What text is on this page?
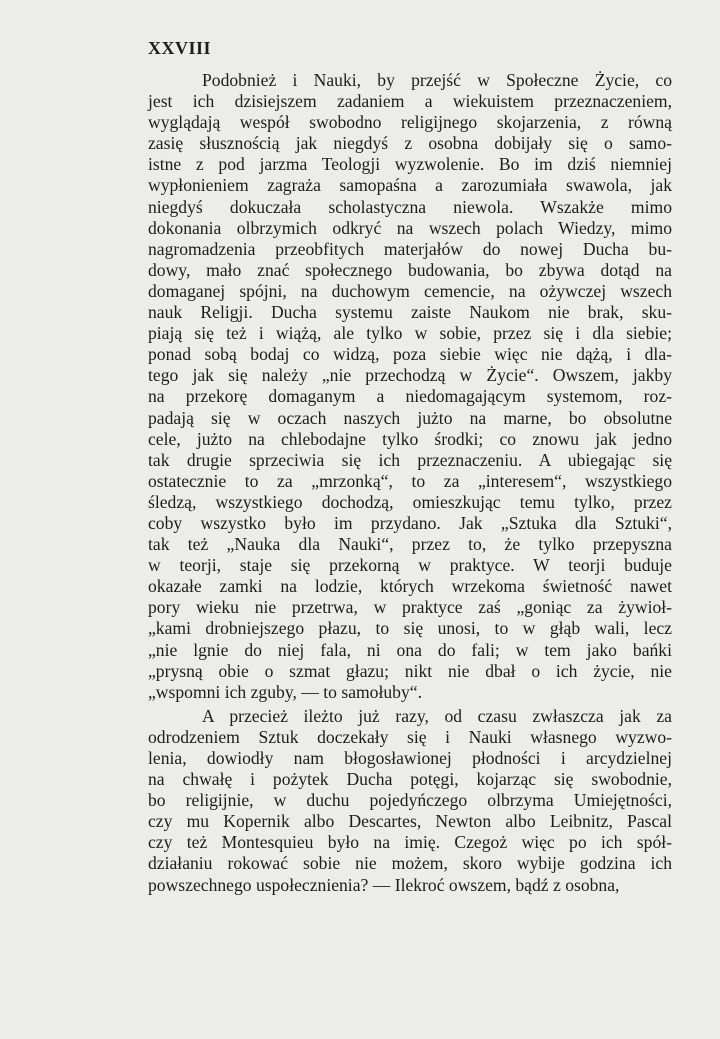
XXVIII
Podobnież i Nauki, by przejść w Społeczne Życie, co
jest ich dzisiejszem zadaniem a wiekuistem przeznaczeniem,
wyglądają wespół swobodno religijnego skojarzenia, z równą
zasię słusznością jak niegdyś z osobna dobijały się o samo-
istne z pod jarzma Teologji wyzwolenie. Bo im dziś niemniej
wypłonieniem zagraża samopaśna a zarozumiała swawola, jak
niegdyś dokuczała scholastyczna niewola. Wszakże mimo
dokonania olbrzymich odkryć na wszech polach Wiedzy, mimo
nagromadzenia przeobfitych materjałów do nowej Ducha bu-
dowy, mało znać społecznego budowania, bo zbywa dotąd na
domaganej spójni, na duchowym cemencie, na ożywczej wszech
nauk Religji. Ducha systemu zaiste Naukom nie brak, sku-
piają się też i wiążą, ale tylko w sobie, przez się i dla siebie;
ponad sobą bodaj co widzą, poza siebie więc nie dążą, i dla-
tego jak się należy „nie przechodzą w Życie“. Owszem, jakby
na przekorę domaganym a niedomagającym systemom, roz-
padają się w oczach naszych jużto na marne, bo obsolutne
cele, jużto na chlebodajne tylko środki; co znowu jak jedno
tak drugie sprzeciwia się ich przeznaczeniu. A ubiegając się
ostatecznie to za „mrzonką“, to za „interesem“, wszystkiego
śledzą, wszystkiego dochodzą, omieszkując temu tylko, przez
coby wszystko było im przydano. Jak „Sztuka dla Sztuki“,
tak też „Nauka dla Nauki“, przez to, że tylko przepyszna
w teorji, staje się przekorną w praktyce. W teorji buduje
okazałe zamki na lodzie, których wrzekoma świetność nawet
pory wieku nie przetrwa, w praktyce zaś „goniąc za żywioł-
„kami drobniejszego płazu, to się unosi, to w głąb wali, lecz
„nie lgnie do niej fala, ni ona do fali; w tem jako bańki
„prysną obie o szmat głazu; nikt nie dbał o ich życie, nie
„wspomni ich zguby, — to samołuby“.
A przecież ileżto już razy, od czasu zwłaszcza jak za
odrodzeniem Sztuk doczekały się i Nauki własnego wyzwo-
lenia, dowiodły nam błogosławionej płodności i arcydzielnej
na chwałę i pożytek Ducha potęgi, kojarząc się swobodnie,
bo religijnie, w duchu pojedyńczego olbrzyma Umiejętności,
czy mu Kopernik albo Descartes, Newton albo Leibnitz, Pascal
czy też Montesquieu było na imię. Czegoż więc po ich spół-
działaniu rokować sobie nie możem, skoro wybije godzina ich
powszechnego uspołecznienia? — Ilekroć owszem, bądź z osobna,
